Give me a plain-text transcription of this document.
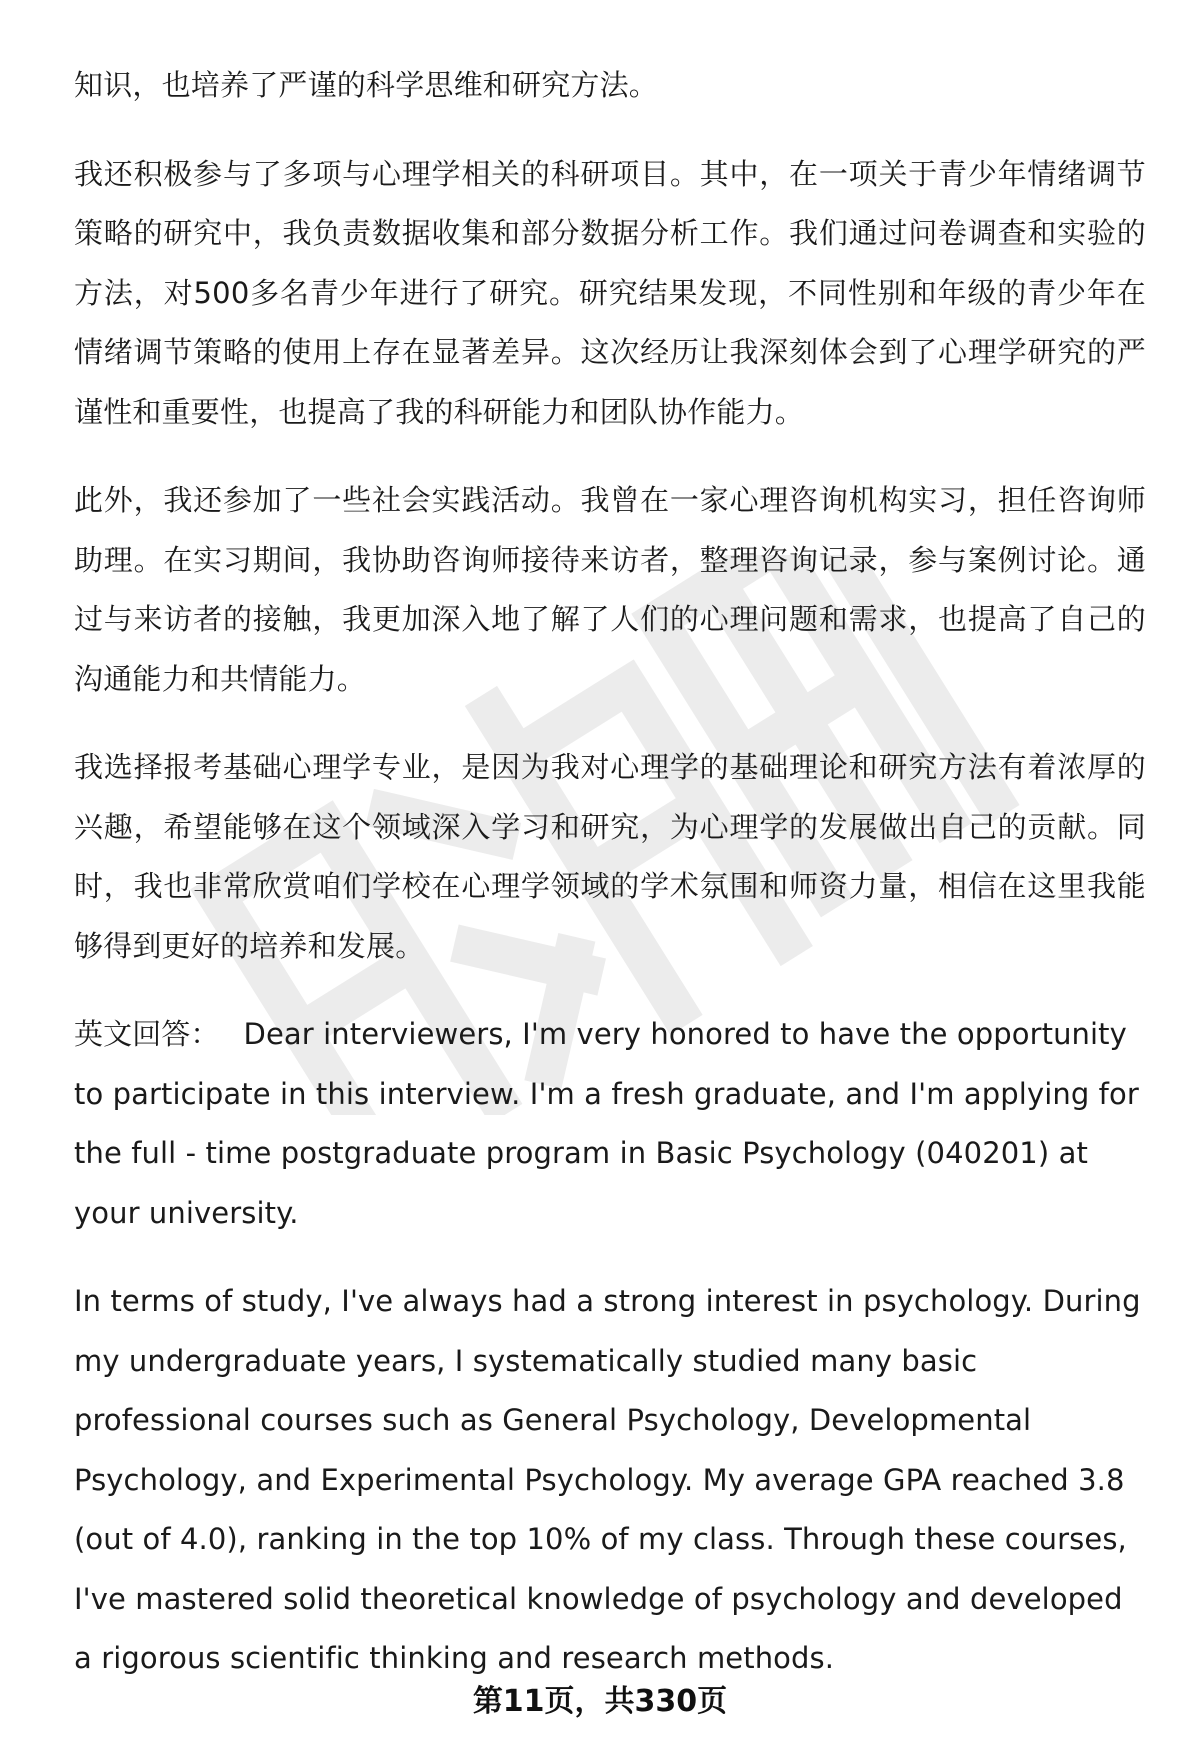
知识，也培养了严谨的科学思维和研究方法。

我还积极参与了多项与心理学相关的科研项目。其中，在一项关于青少年情绪调节策略的研究中，我负责数据收集和部分数据分析工作。我们通过问卷调查和实验的方法，对500多名青少年进行了研究。研究结果发现，不同性别和年级的青少年在情绪调节策略的使用上存在显著差异。这次经历让我深刻体会到了心理学研究的严谨性和重要性，也提高了我的科研能力和团队协作能力。

此外，我还参加了一些社会实践活动。我曾在一家心理咨询机构实习，担任咨询师助理。在实习期间，我协助咨询师接待来访者，整理咨询记录，参与案例讨论。通过与来访者的接触，我更加深入地了解了人们的心理问题和需求，也提高了自己的沟通能力和共情能力。

我选择报考基础心理学专业，是因为我对心理学的基础理论和研究方法有着浓厚的兴趣，希望能够在这个领域深入学习和研究，为心理学的发展做出自己的贡献。同时，我也非常欣赏咱们学校在心理学领域的学术氛围和师资力量，相信在这里我能够得到更好的培养和发展。

英文回答： Dear interviewers, I'm very honored to have the opportunity to participate in this interview. I'm a fresh graduate, and I'm applying for the full - time postgraduate program in Basic Psychology (040201) at your university.

In terms of study, I've always had a strong interest in psychology. During my undergraduate years, I systematically studied many basic professional courses such as General Psychology, Developmental Psychology, and Experimental Psychology. My average GPA reached 3.8 (out of 4.0), ranking in the top 10% of my class. Through these courses, I've mastered solid theoretical knowledge of psychology and developed a rigorous scientific thinking and research methods.

第11页，共330页
